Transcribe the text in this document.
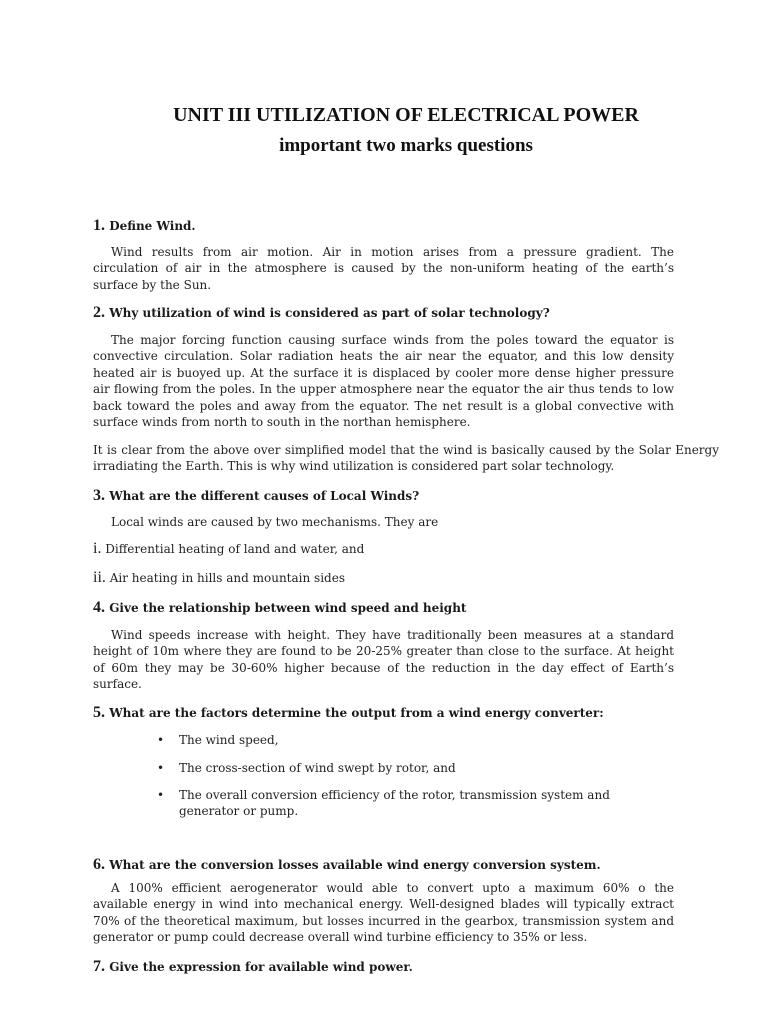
UNIT III UTILIZATION OF ELECTRICAL POWER
important two marks questions
1. Define Wind.
Wind results from air motion. Air in motion arises from a pressure gradient. The
circulation of air in the atmosphere is caused by the non-uniform heating of the earth’s
surface by the Sun.
2. Why utilization of wind is considered as part of solar technology?
The major forcing function causing surface winds from the poles toward the equator is
convective circulation. Solar radiation heats the air near the equator, and this low density
heated air is buoyed up. At the surface it is displaced by cooler more dense higher pressure
air flowing from the poles. In the upper atmosphere near the equator the air thus tends to low
back toward the poles and away from the equator. The net result is a global convective with
surface winds from north to south in the northan hemisphere.
It is clear from the above over simplified model that the wind is basically caused by the Solar Energy
irradiating the Earth. This is why wind utilization is considered part solar technology.
3. What are the different causes of Local Winds?
Local winds are caused by two mechanisms. They are
i. Differential heating of land and water, and
ii. Air heating in hills and mountain sides
4. Give the relationship between wind speed and height
Wind speeds increase with height. They have traditionally been measures at a standard
height of 10m where they are found to be 20-25% greater than close to the surface. At height
of 60m they may be 30-60% higher because of the reduction in the day effect of Earth’s
surface.
5. What are the factors determine the output from a wind energy converter:
• The wind speed,
• The cross-section of wind swept by rotor, and
• The overall conversion efficiency of the rotor, transmission system and
generator or pump.
6. What are the conversion losses available wind energy conversion system.
A 100% efficient aerogenerator would able to convert upto a maximum 60% o the
available energy in wind into mechanical energy. Well-designed blades will typically extract
70% of the theoretical maximum, but losses incurred in the gearbox, transmission system and
generator or pump could decrease overall wind turbine efficiency to 35% or less.
7. Give the expression for available wind power.
